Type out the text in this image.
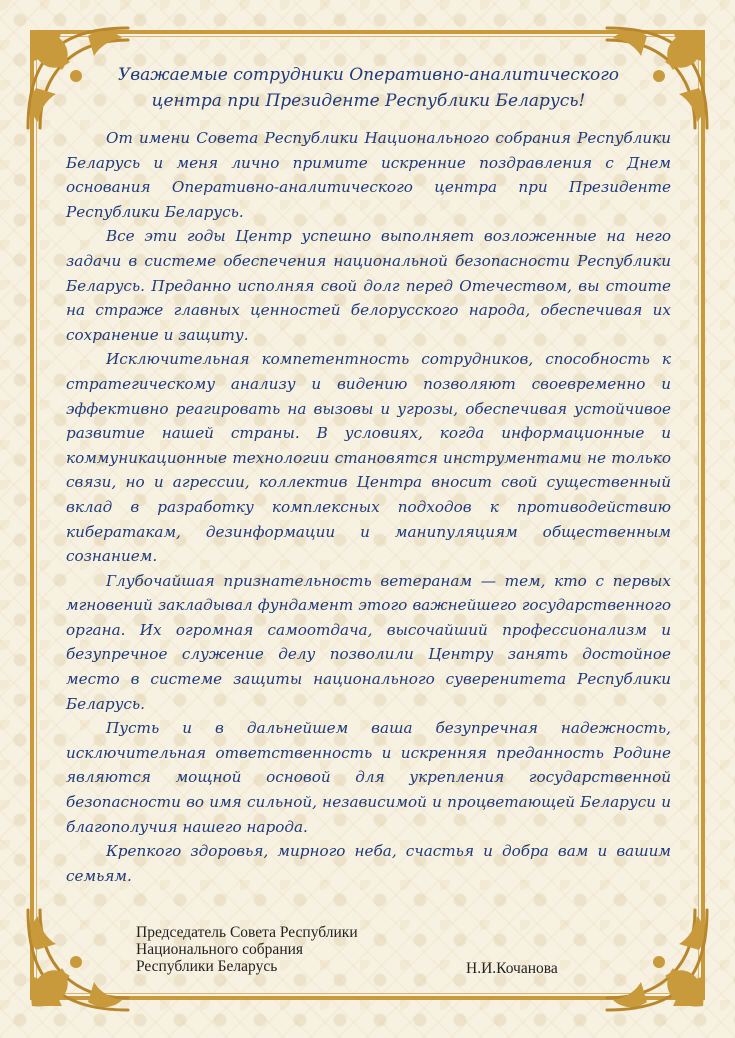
Уважаемые сотрудники Оперативно-аналитического
центра при Президенте Республики Беларусь!

От имени Совета Республики Национального собрания Республики Беларусь и меня лично примите искренние поздравления с Днем основания Оперативно-аналитического центра при Президенте Республики Беларусь.

Все эти годы Центр успешно выполняет возложенные на него задачи в системе обеспечения национальной безопасности Республики Беларусь. Преданно исполняя свой долг перед Отечеством, вы стоите на страже главных ценностей белорусского народа, обеспечивая их сохранение и защиту.

Исключительная компетентность сотрудников, способность к стратегическому анализу и видению позволяют своевременно и эффективно реагировать на вызовы и угрозы, обеспечивая устойчивое развитие нашей страны. В условиях, когда информационные и коммуникационные технологии становятся инструментами не только связи, но и агрессии, коллектив Центра вносит свой существенный вклад в разработку комплексных подходов к противодействию кибератакам, дезинформации и манипуляциям общественным сознанием.

Глубочайшая признательность ветеранам — тем, кто с первых мгновений закладывал фундамент этого важнейшего государственного органа. Их огромная самоотдача, высочайший профессионализм и безупречное служение делу позволили Центру занять достойное место в системе защиты национального суверенитета Республики Беларусь.

Пусть и в дальнейшем ваша безупречная надежность, исключительная ответственность и искренняя преданность Родине являются мощной основой для укрепления государственной безопасности во имя сильной, независимой и процветающей Беларуси и благополучия нашего народа.

Крепкого здоровья, мирного неба, счастья и добра вам и вашим семьям.

Председатель Совета Республики
Национального собрания
Республики Беларусь	Н.И.Кочанова
